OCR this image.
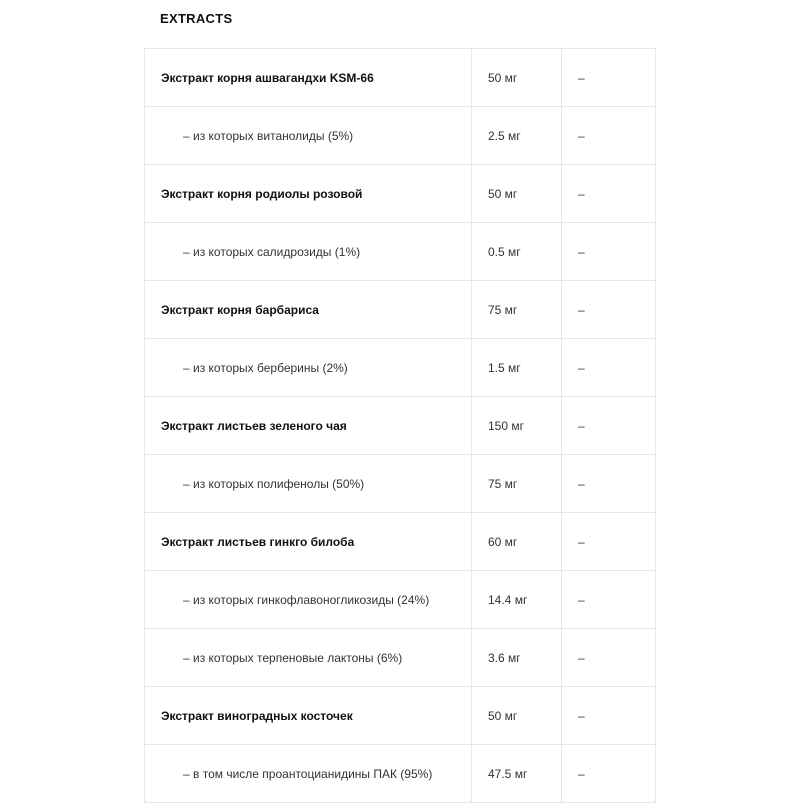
EXTRACTS
Экстракт корня ашвагандхи KSM-66	50 мг	–
– из которых витанолиды (5%)	2.5 мг	–
Экстракт корня родиолы розовой	50 мг	–
– из которых салидрозиды (1%)	0.5 мг	–
Экстракт корня барбариса	75 мг	–
– из которых берберины (2%)	1.5 мг	–
Экстракт листьев зеленого чая	150 мг	–
– из которых полифенолы (50%)	75 мг	–
Экстракт листьев гинкго билоба	60 мг	–
– из которых гинкофлавоногликозиды (24%)	14.4 мг	–
– из которых терпеновые лактоны (6%)	3.6 мг	–
Экстракт виноградных косточек	50 мг	–
– в том числе проантоцианидины ПАК (95%)	47.5 мг	–
